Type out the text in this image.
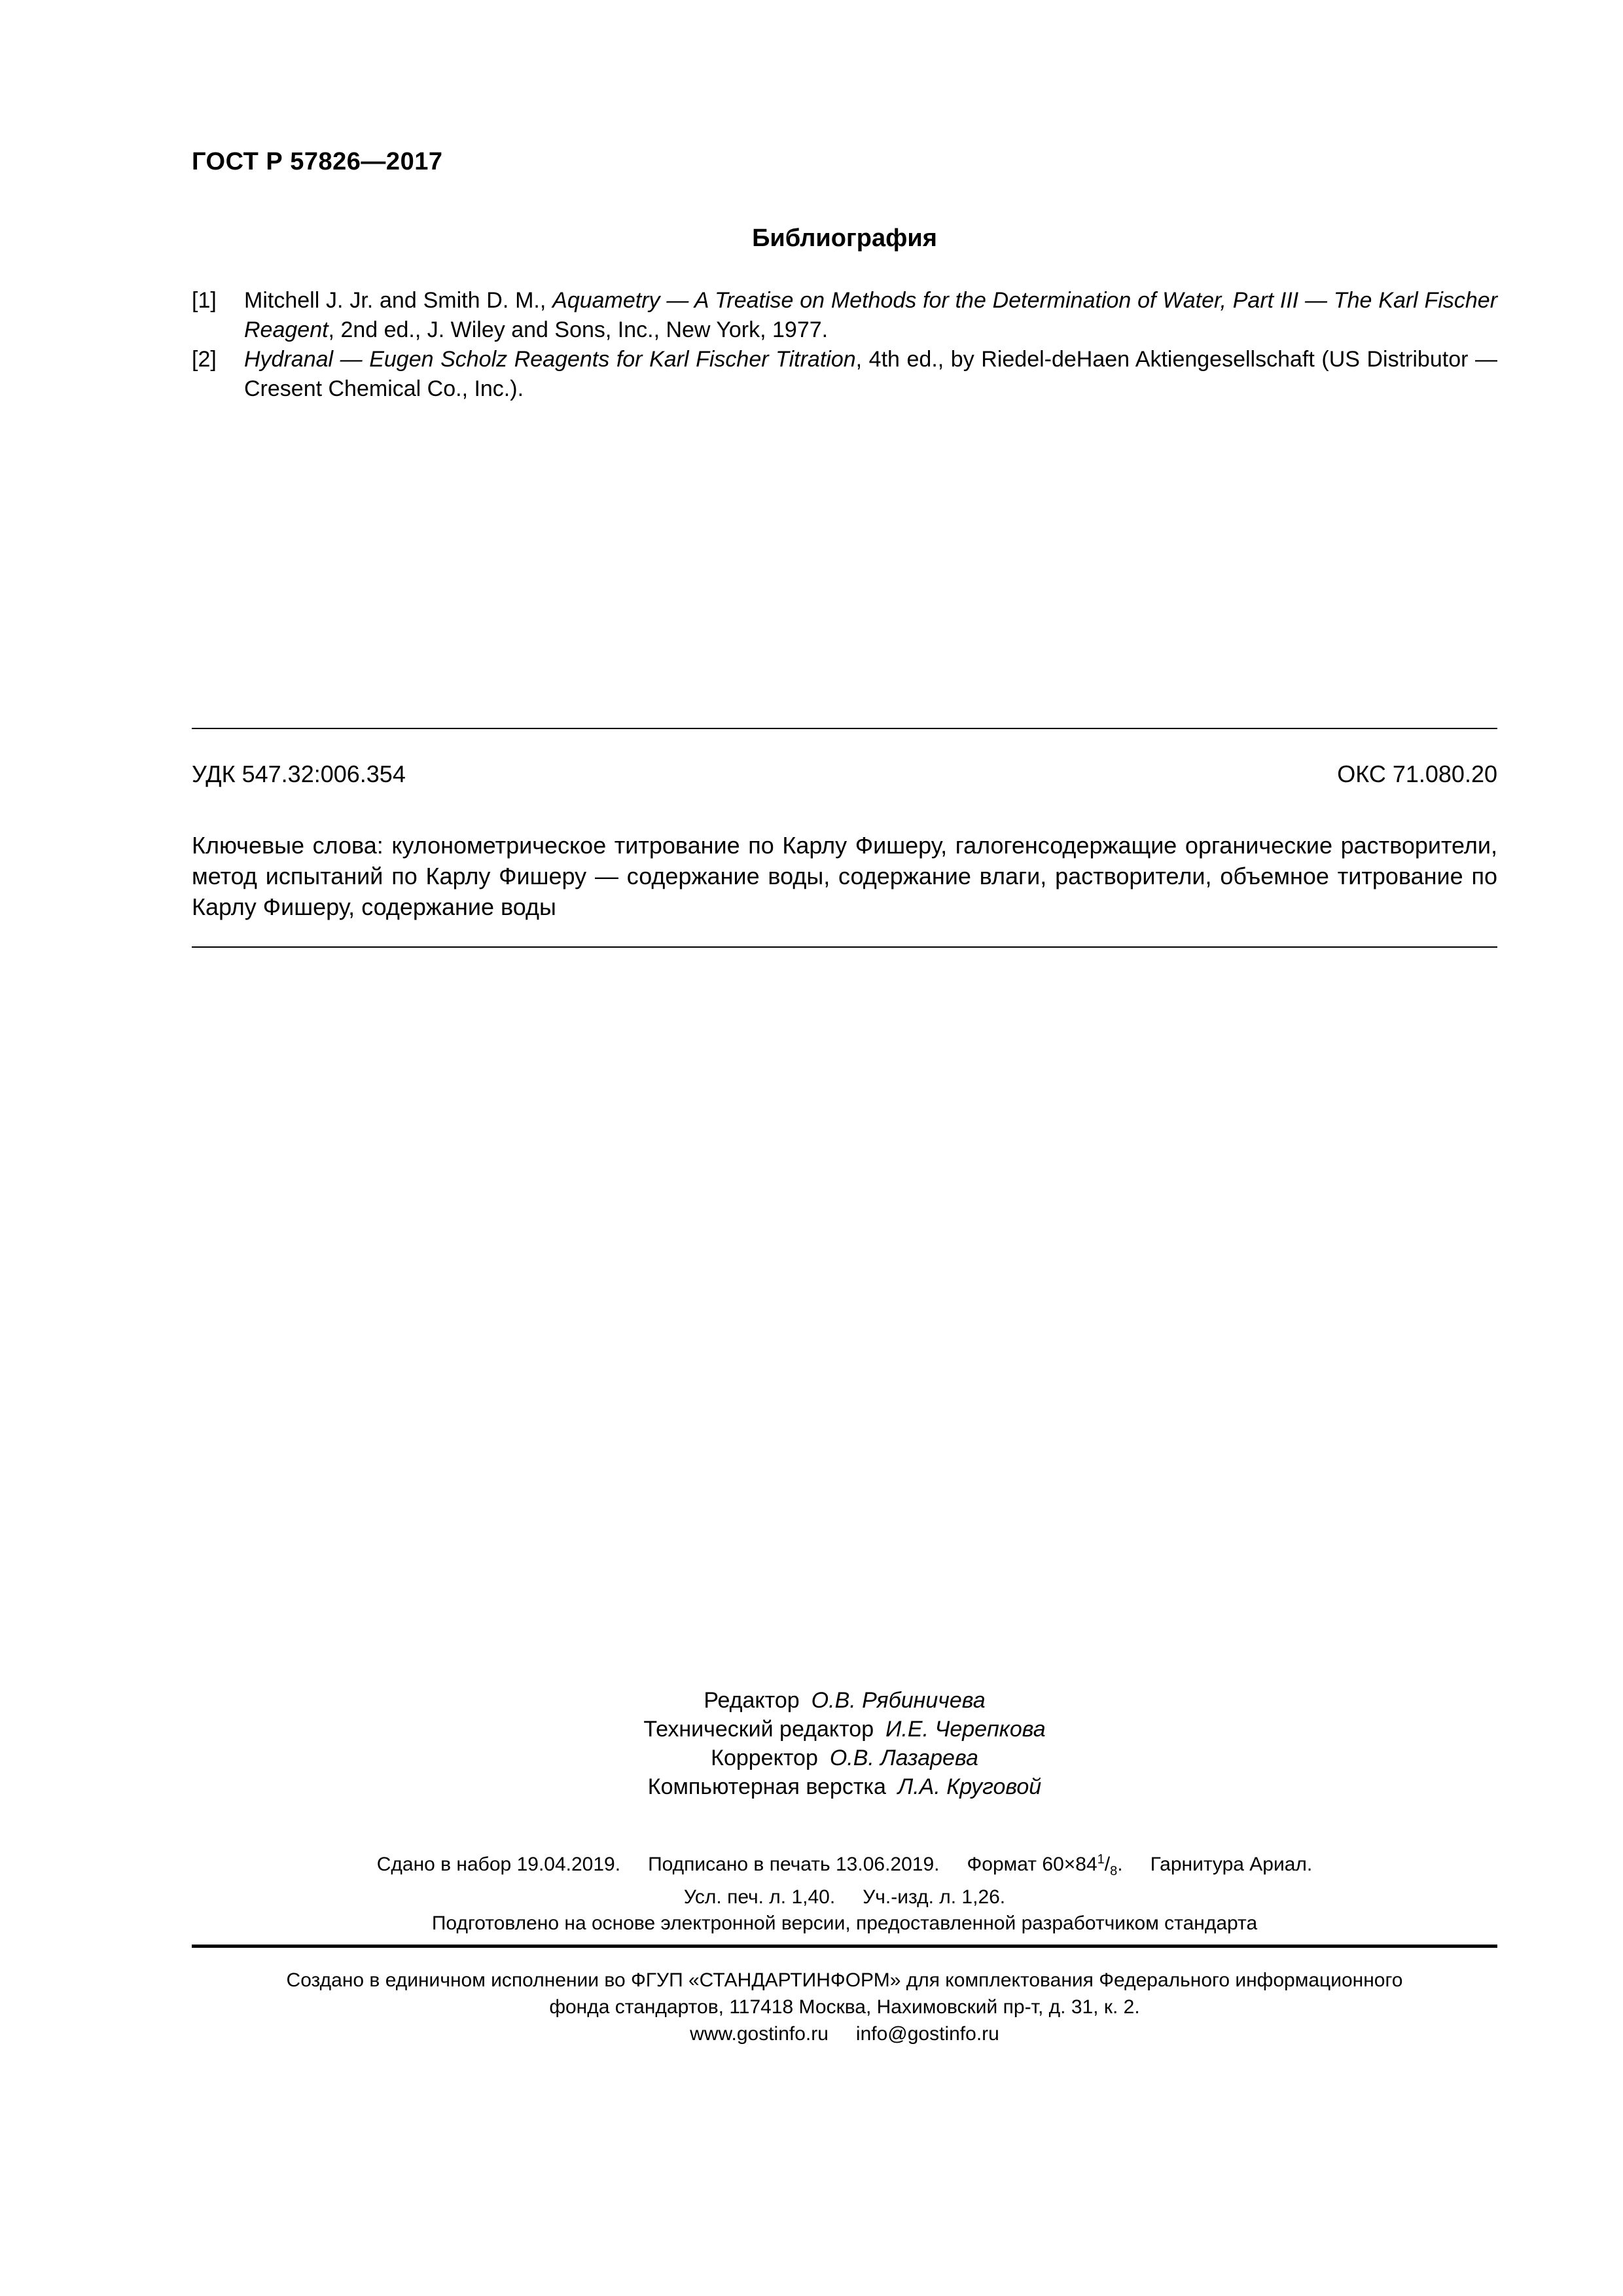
ГОСТ Р 57826—2017
Библиография
[1] Mitchell J. Jr. and Smith D. M., Aquametry — A Treatise on Methods for the Determination of Water, Part III — The Karl Fischer Reagent, 2nd ed., J. Wiley and Sons, Inc., New York, 1977.
[2] Hydranal — Eugen Scholz Reagents for Karl Fischer Titration, 4th ed., by Riedel-deHaen Aktiengesellschaft (US Distributor — Cresent Chemical Co., Inc.).
УДК 547.32:006.354	ОКС 71.080.20
Ключевые слова: кулонометрическое титрование по Карлу Фишеру, галогенсодержащие органические растворители, метод испытаний по Карлу Фишеру — содержание воды, содержание влаги, растворители, объемное титрование по Карлу Фишеру, содержание воды
Редактор О.В. Рябиничева
Технический редактор И.Е. Черепкова
Корректор О.В. Лазарева
Компьютерная верстка Л.А. Круговой
Сдано в набор 19.04.2019. Подписано в печать 13.06.2019. Формат $60\times 84^1/_8$. Гарнитура Ариал.
Усл. печ. л. 1,40. Уч.-изд. л. 1,26.
Подготовлено на основе электронной версии, предоставленной разработчиком стандарта
Создано в единичном исполнении во ФГУП «СТАНДАРТИНФОРМ» для комплектования Федерального информационного
фонда стандартов, 117418 Москва, Нахимовский пр-т, д. 31, к. 2.
www.gostinfo.ru info@gostinfo.ru
